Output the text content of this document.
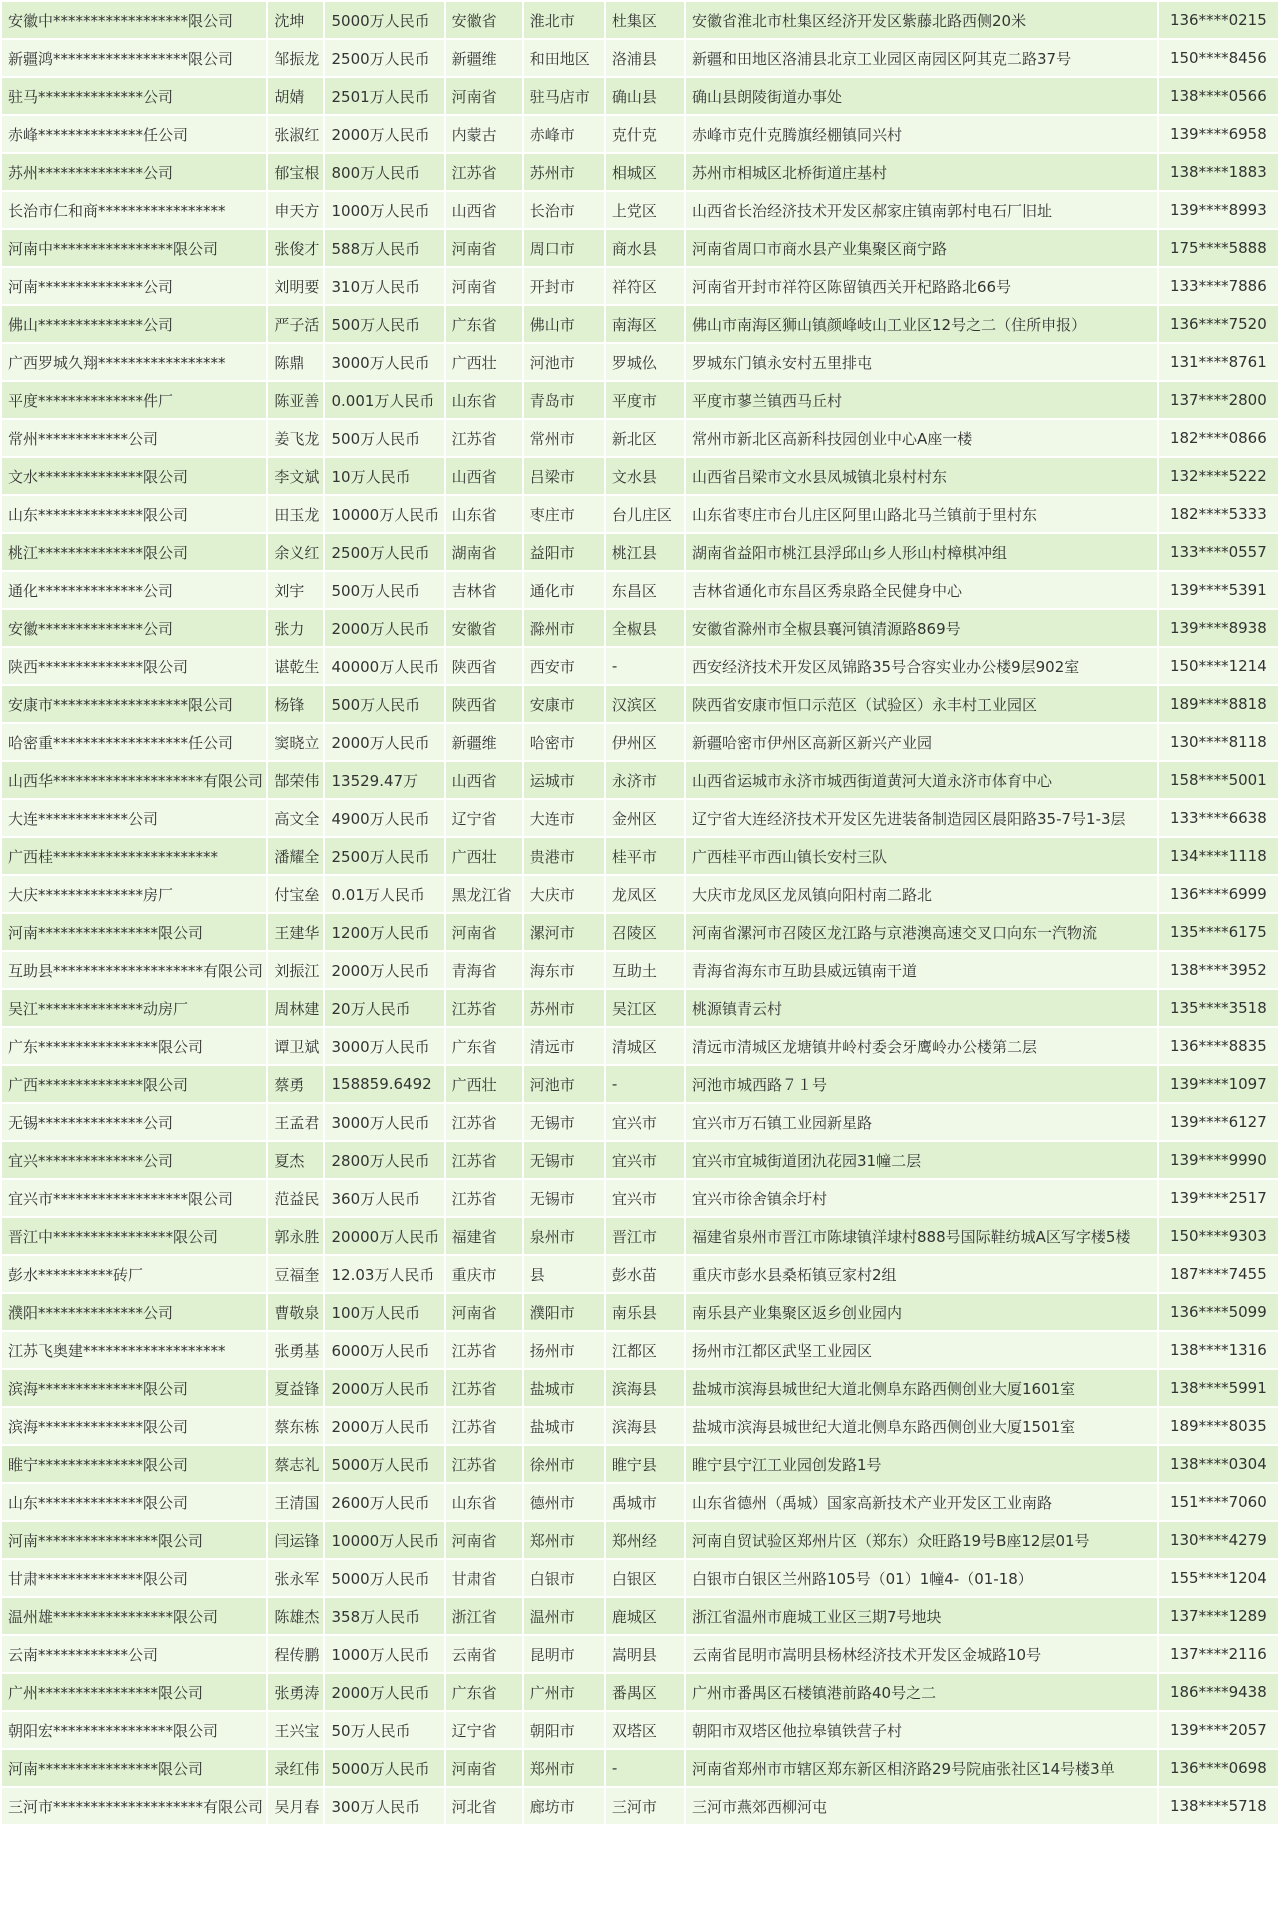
安徽中******************限公司	沈坤	5000万人民币	安徽省	淮北市	杜集区	安徽省淮北市杜集区经济开发区紫藤北路西侧20米	136****0215
新疆鸿******************限公司	邹振龙	2500万人民币	新疆维	和田地区	洛浦县	新疆和田地区洛浦县北京工业园区南园区阿其克二路37号	150****8456
驻马**************公司	胡婧	2501万人民币	河南省	驻马店市	确山县	确山县朗陵街道办事处	138****0566
赤峰**************任公司	张淑红	2000万人民币	内蒙古	赤峰市	克什克	赤峰市克什克腾旗经棚镇同兴村	139****6958
苏州**************公司	郁宝根	800万人民币	江苏省	苏州市	相城区	苏州市相城区北桥街道庄基村	138****1883
长治市仁和商*****************	申天方	1000万人民币	山西省	长治市	上党区	山西省长治经济技术开发区郝家庄镇南郭村电石厂旧址	139****8993
河南中****************限公司	张俊才	588万人民币	河南省	周口市	商水县	河南省周口市商水县产业集聚区商宁路	175****5888
河南**************公司	刘明要	310万人民币	河南省	开封市	祥符区	河南省开封市祥符区陈留镇西关开杞路路北66号	133****7886
佛山**************公司	严子活	500万人民币	广东省	佛山市	南海区	佛山市南海区狮山镇颜峰岐山工业区12号之二（住所申报）	136****7520
广西罗城久翔*****************	陈鼎	3000万人民币	广西壮	河池市	罗城仫	罗城东门镇永安村五里排屯	131****8761
平度**************件厂	陈亚善	0.001万人民币	山东省	青岛市	平度市	平度市蓼兰镇西马丘村	137****2800
常州************公司	姜飞龙	500万人民币	江苏省	常州市	新北区	常州市新北区高新科技园创业中心A座一楼	182****0866
文水**************限公司	李文斌	10万人民币	山西省	吕梁市	文水县	山西省吕梁市文水县凤城镇北泉村村东	132****5222
山东**************限公司	田玉龙	10000万人民币	山东省	枣庄市	台儿庄区	山东省枣庄市台儿庄区阿里山路北马兰镇前于里村东	182****5333
桃江**************限公司	余义红	2500万人民币	湖南省	益阳市	桃江县	湖南省益阳市桃江县浮邱山乡人形山村樟棋冲组	133****0557
通化**************公司	刘宇	500万人民币	吉林省	通化市	东昌区	吉林省通化市东昌区秀泉路全民健身中心	139****5391
安徽**************公司	张力	2000万人民币	安徽省	滁州市	全椒县	安徽省滁州市全椒县襄河镇清源路869号	139****8938
陕西**************限公司	谌乾生	40000万人民币	陕西省	西安市	-	西安经济技术开发区凤锦路35号合容实业办公楼9层902室	150****1214
安康市******************限公司	杨锋	500万人民币	陕西省	安康市	汉滨区	陕西省安康市恒口示范区（试验区）永丰村工业园区	189****8818
哈密重******************任公司	窦晓立	2000万人民币	新疆维	哈密市	伊州区	新疆哈密市伊州区高新区新兴产业园	130****8118
山西华********************有限公司	郜荣伟	13529.47万	山西省	运城市	永济市	山西省运城市永济市城西街道黄河大道永济市体育中心	158****5001
大连************公司	高文全	4900万人民币	辽宁省	大连市	金州区	辽宁省大连经济技术开发区先进装备制造园区晨阳路35-7号1-3层	133****6638
广西桂**********************	潘耀全	2500万人民币	广西壮	贵港市	桂平市	广西桂平市西山镇长安村三队	134****1118
大庆**************房厂	付宝垒	0.01万人民币	黑龙江省	大庆市	龙凤区	大庆市龙凤区龙凤镇向阳村南二路北	136****6999
河南****************限公司	王建华	1200万人民币	河南省	漯河市	召陵区	河南省漯河市召陵区龙江路与京港澳高速交叉口向东一汽物流	135****6175
互助县********************有限公司	刘振江	2000万人民币	青海省	海东市	互助土	青海省海东市互助县威远镇南干道	138****3952
吴江**************动房厂	周林建	20万人民币	江苏省	苏州市	吴江区	桃源镇青云村	135****3518
广东****************限公司	谭卫斌	3000万人民币	广东省	清远市	清城区	清远市清城区龙塘镇井岭村委会牙鹰岭办公楼第二层	136****8835
广西**************限公司	蔡勇	158859.6492	广西壮	河池市	-	河池市城西路７１号	139****1097
无锡**************公司	王孟君	3000万人民币	江苏省	无锡市	宜兴市	宜兴市万石镇工业园新星路	139****6127
宜兴**************公司	夏杰	2800万人民币	江苏省	无锡市	宜兴市	宜兴市宜城街道团氿花园31幢二层	139****9990
宜兴市******************限公司	范益民	360万人民币	江苏省	无锡市	宜兴市	宜兴市徐舍镇余圩村	139****2517
晋江中****************限公司	郭永胜	20000万人民币	福建省	泉州市	晋江市	福建省泉州市晋江市陈埭镇洋埭村888号国际鞋纺城A区写字楼5楼	150****9303
彭水**********砖厂	豆福奎	12.03万人民币	重庆市	县	彭水苗	重庆市彭水县桑柘镇豆家村2组	187****7455
濮阳**************公司	曹敬泉	100万人民币	河南省	濮阳市	南乐县	南乐县产业集聚区返乡创业园内	136****5099
江苏飞奥建*******************	张勇基	6000万人民币	江苏省	扬州市	江都区	扬州市江都区武坚工业园区	138****1316
滨海**************限公司	夏益锋	2000万人民币	江苏省	盐城市	滨海县	盐城市滨海县城世纪大道北侧阜东路西侧创业大厦1601室	138****5991
滨海**************限公司	蔡东栋	2000万人民币	江苏省	盐城市	滨海县	盐城市滨海县城世纪大道北侧阜东路西侧创业大厦1501室	189****8035
睢宁**************限公司	蔡志礼	5000万人民币	江苏省	徐州市	睢宁县	睢宁县宁江工业园创发路1号	138****0304
山东**************限公司	王清国	2600万人民币	山东省	德州市	禹城市	山东省德州（禹城）国家高新技术产业开发区工业南路	151****7060
河南****************限公司	闫运锋	10000万人民币	河南省	郑州市	郑州经	河南自贸试验区郑州片区（郑东）众旺路19号B座12层01号	130****4279
甘肃**************限公司	张永军	5000万人民币	甘肃省	白银市	白银区	白银市白银区兰州路105号（01）1幢4-（01-18）	155****1204
温州雄****************限公司	陈雄杰	358万人民币	浙江省	温州市	鹿城区	浙江省温州市鹿城工业区三期7号地块	137****1289
云南************公司	程传鹏	1000万人民币	云南省	昆明市	嵩明县	云南省昆明市嵩明县杨林经济技术开发区金城路10号	137****2116
广州****************限公司	张勇涛	2000万人民币	广东省	广州市	番禺区	广州市番禺区石楼镇港前路40号之二	186****9438
朝阳宏****************限公司	王兴宝	50万人民币	辽宁省	朝阳市	双塔区	朝阳市双塔区他拉皋镇铁营子村	139****2057
河南****************限公司	录红伟	5000万人民币	河南省	郑州市	-	河南省郑州市市辖区郑东新区相济路29号院庙张社区14号楼3单	136****0698
三河市********************有限公司	吴月春	300万人民币	河北省	廊坊市	三河市	三河市燕郊西柳河屯	138****5718
